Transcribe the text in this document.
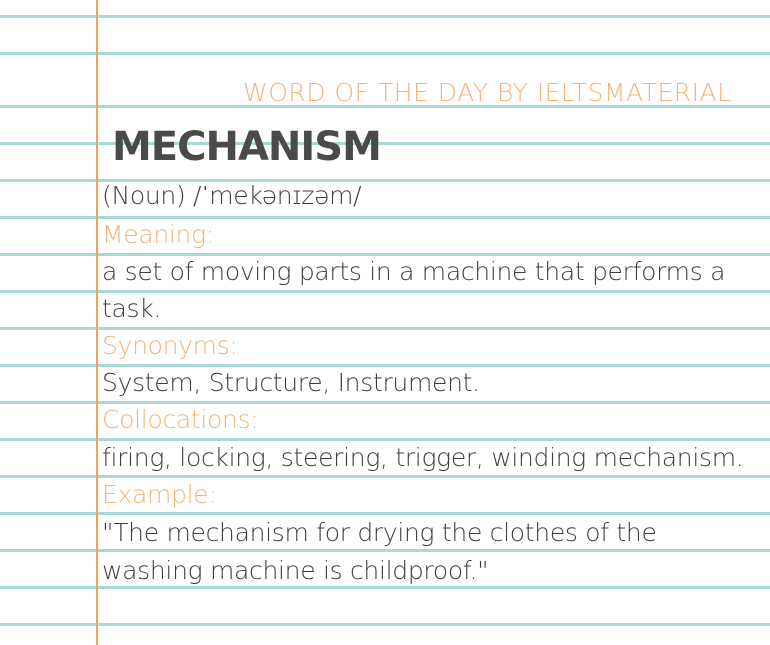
WORD OF THE DAY BY IELTSMATERIAL
MECHANISM
(Noun) /ˈmekənɪzəm/
Meaning:
a set of moving parts in a machine that performs a
task.
Synonyms:
System, Structure, Instrument.
Collocations:
firing, locking, steering, trigger, winding mechanism.
Example:
"The mechanism for drying the clothes of the
washing machine is childproof."
